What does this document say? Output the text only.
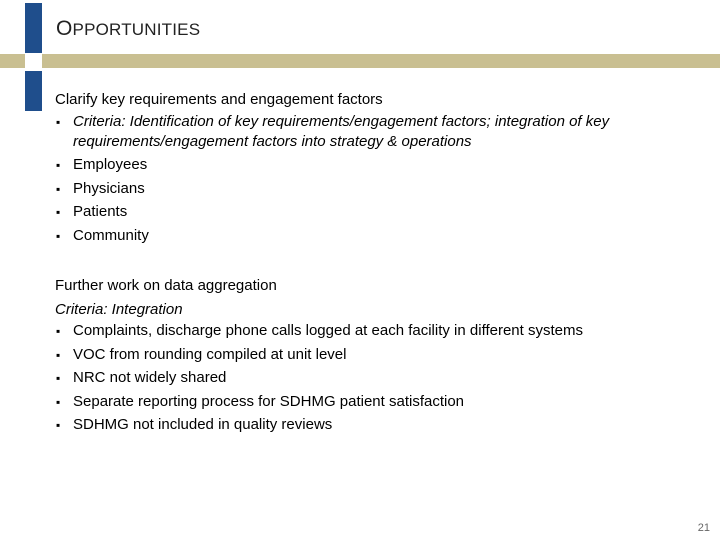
OPPORTUNITIES

Clarify key requirements and engagement factors

▪ Criteria: Identification of key requirements/engagement factors; integration of key requirements/engagement factors into strategy & operations
▪ Employees
▪ Physicians
▪ Patients
▪ Community

Further work on data aggregation

Criteria: Integration

▪ Complaints, discharge phone calls logged at each facility in different systems
▪ VOC from rounding compiled at unit level
▪ NRC not widely shared
▪ Separate reporting process for SDHMG patient satisfaction
▪ SDHMG not included in quality reviews
21
